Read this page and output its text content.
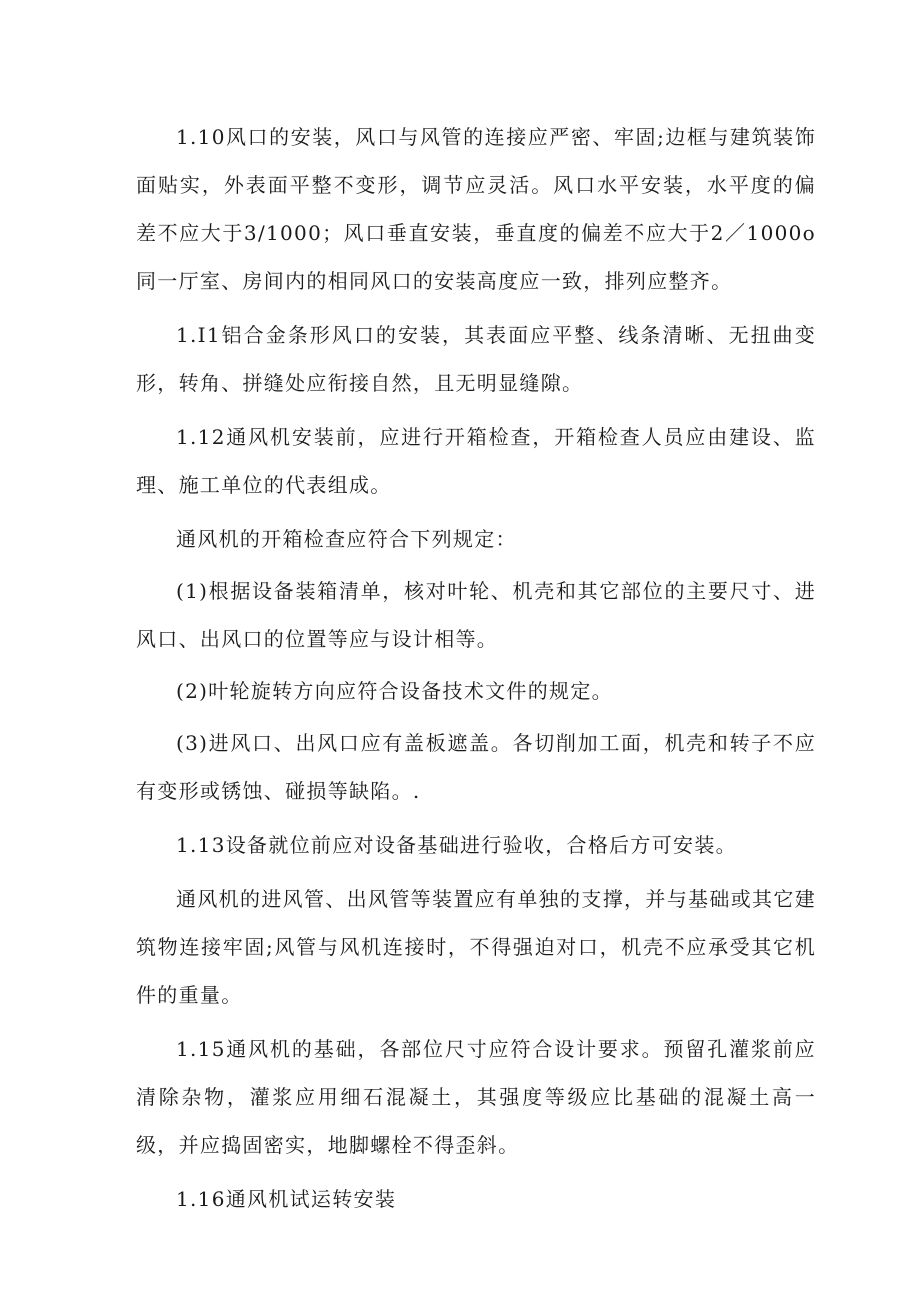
1.10风口的安装，风口与风管的连接应严密、牢固;边框与建筑装饰面贴实，外表面平整不变形，调节应灵活。风口水平安装，水平度的偏差不应大于3/1000；风口垂直安装，垂直度的偏差不应大于2／1000o同一厅室、房间内的相同风口的安装高度应一致，排列应整齐。

1.I1铝合金条形风口的安装，其表面应平整、线条清晰、无扭曲变形，转角、拼缝处应衔接自然，且无明显缝隙。

1.12通风机安装前，应进行开箱检查，开箱检查人员应由建设、监理、施工单位的代表组成。

通风机的开箱检查应符合下列规定：

(1)根据设备装箱清单，核对叶轮、机壳和其它部位的主要尺寸、进风口、出风口的位置等应与设计相等。

(2)叶轮旋转方向应符合设备技术文件的规定。

(3)进风口、出风口应有盖板遮盖。各切削加工面，机壳和转子不应有变形或锈蚀、碰损等缺陷。.

1.13设备就位前应对设备基础进行验收，合格后方可安装。

通风机的进风管、出风管等装置应有单独的支撑，并与基础或其它建筑物连接牢固;风管与风机连接时，不得强迫对口，机壳不应承受其它机件的重量。

1.15通风机的基础，各部位尺寸应符合设计要求。预留孔灌浆前应清除杂物，灌浆应用细石混凝土，其强度等级应比基础的混凝土高一级，并应捣固密实，地脚螺栓不得歪斜。

1.16通风机试运转安装
